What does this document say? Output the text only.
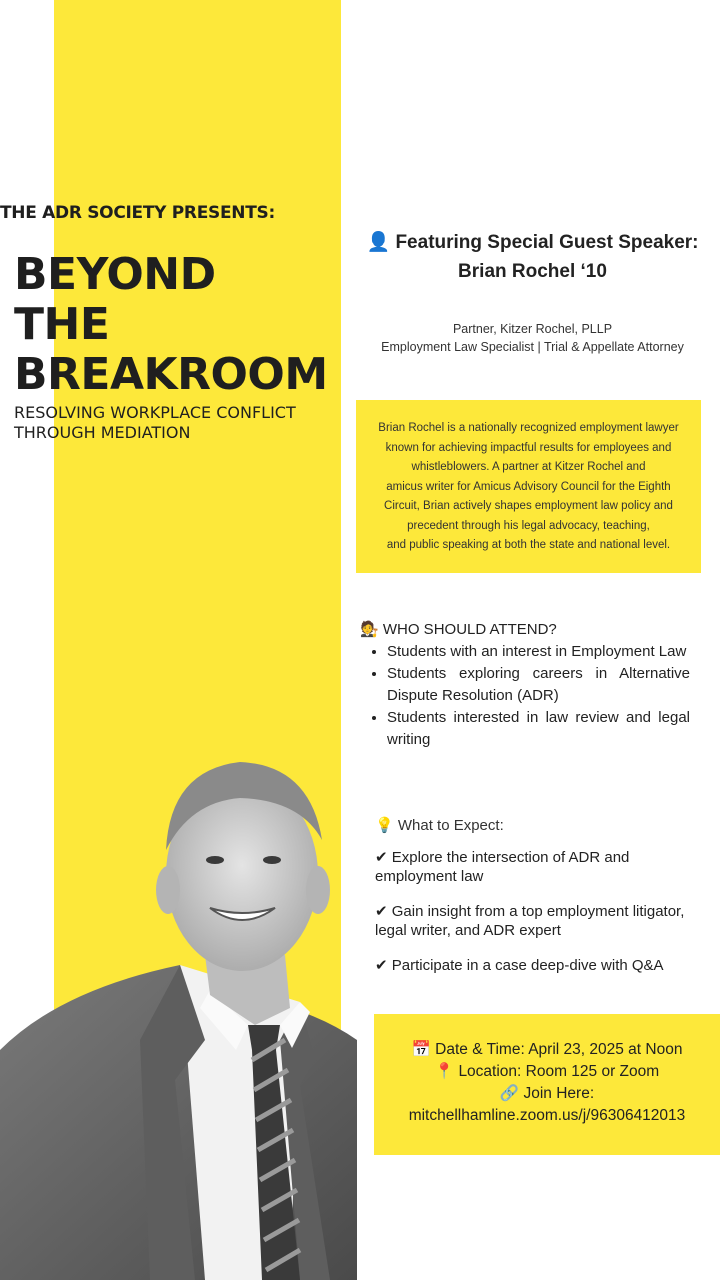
THE ADR SOCIETY PRESENTS:
BEYOND
THE
BREAKROOM
RESOLVING WORKPLACE CONFLICT
THROUGH MEDIATION
👤 Featuring Special Guest Speaker:
Brian Rochel ‘10
Partner, Kitzer Rochel, PLLP
Employment Law Specialist | Trial & Appellate Attorney
Brian Rochel is a nationally recognized employment lawyer
known for achieving impactful results for employees and
whistleblowers. A partner at Kitzer Rochel and
amicus writer for Amicus Advisory Council for the Eighth
Circuit, Brian actively shapes employment law policy and
precedent through his legal advocacy, teaching,
and public speaking at both the state and national level.
🧑‍⚖️ WHO SHOULD ATTEND?
• Students with an interest in Employment Law
• Students exploring careers in Alternative Dispute Resolution (ADR)
• Students interested in law review and legal writing
💡 What to Expect:
✔ Explore the intersection of ADR and employment law
✔ Gain insight from a top employment litigator, legal writer, and ADR expert
✔ Participate in a case deep-dive with Q&A
📅 Date & Time: April 23, 2025 at Noon
📍 Location: Room 125 or Zoom
🔗 Join Here:
mitchellhamline.zoom.us/j/96306412013
